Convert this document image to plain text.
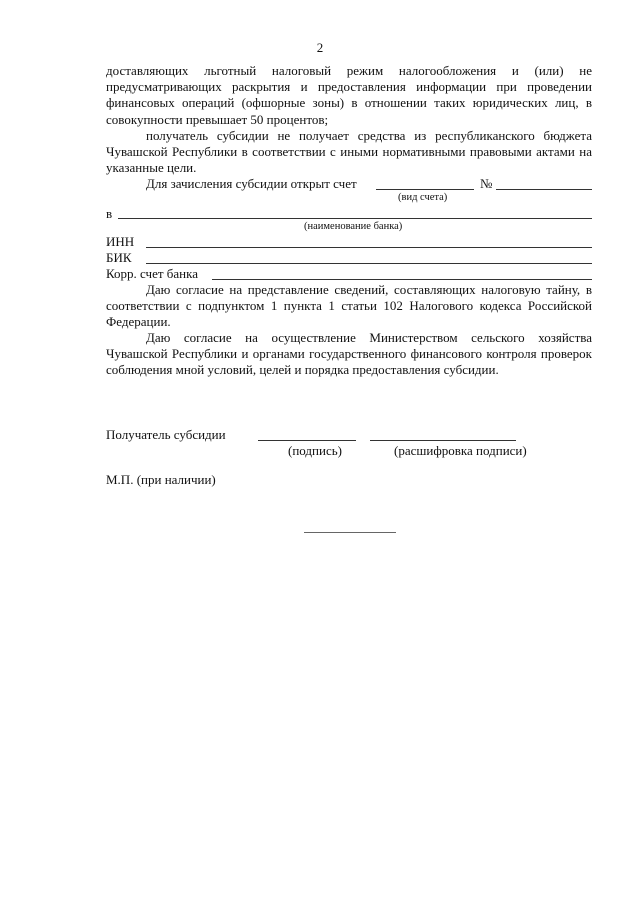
2
доставляющих льготный налоговый режим налогообложения и (или) не предусматривающих раскрытия и предоставления информации при проведении финансовых операций (офшорные зоны) в отношении таких юридических лиц, в совокупности превышает 50 процентов;
получатель субсидии не получает средства из республиканского бюджета Чувашской Республики в соответствии с иными нормативными правовыми актами на указанные цели.
Для зачисления субсидии открыт счет	№
(вид счета)
в
(наименование банка)
ИНН
БИК
Корр. счет банка
Даю согласие на представление сведений, составляющих налоговую тайну, в соответствии с подпунктом 1 пункта 1 статьи 102 Налогового кодекса Российской Федерации.
Даю согласие на осуществление Министерством сельского хозяйства Чувашской Республики и органами государственного финансового контроля проверок соблюдения мной условий, целей и порядка предоставления субсидии.
Получатель субсидии
(подпись)	(расшифровка подписи)
М.П. (при наличии)
